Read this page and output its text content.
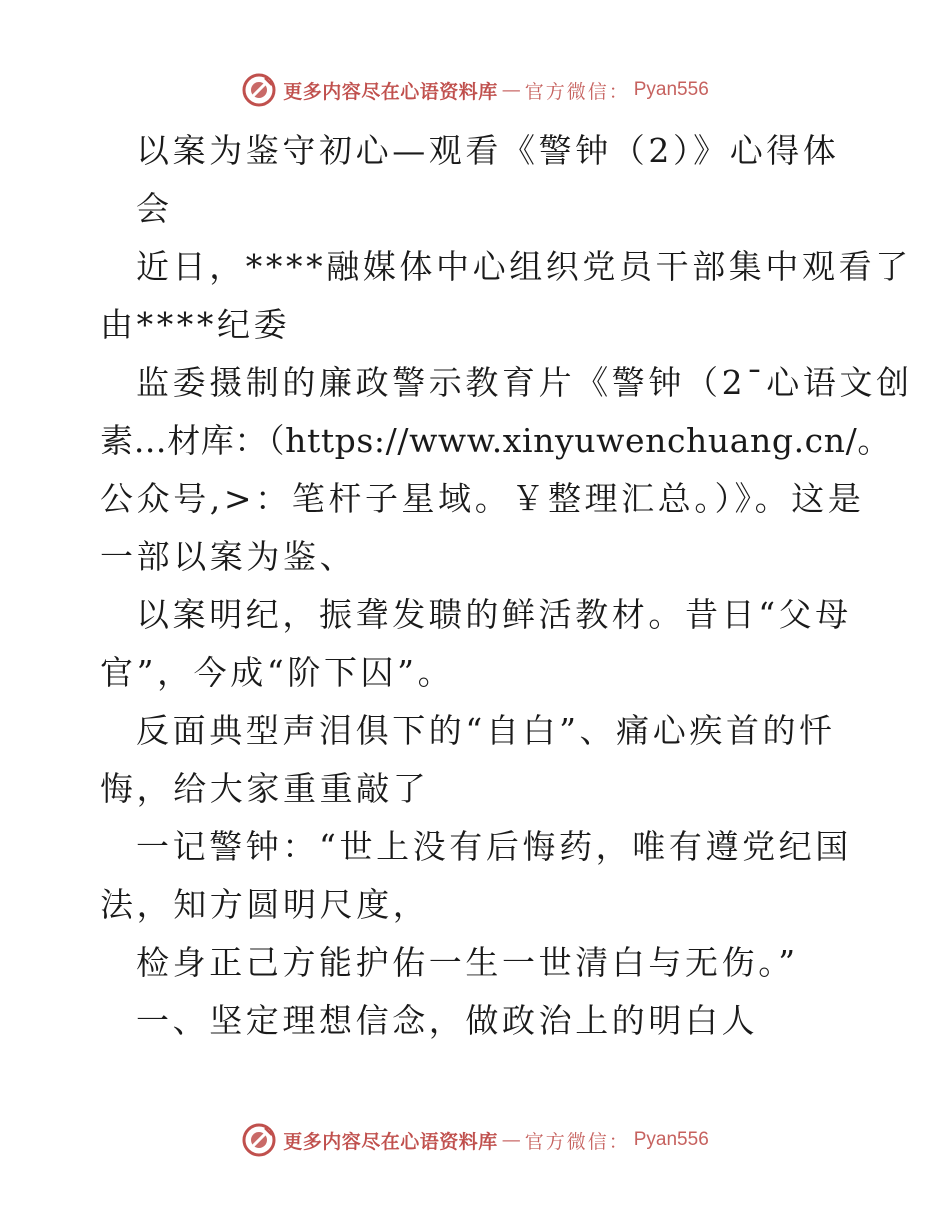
更多内容尽在心语资料库 — 官方微信： Pyan556
以案为鉴守初心—观看《警钟（2）》心得体
会
近日，****融媒体中心组织党员干部集中观看了
由****纪委
监委摄制的廉政警示教育片《警钟（2¯心语文创
素…材库：（https://www.xinyuwenchuang.cn/。
公众号,>：笔杆子星域。￥整理汇总。）》。这是
一部以案为鉴、
以案明纪，振聋发聩的鲜活教材。昔日“父母
官”，今成“阶下囚”。
反面典型声泪俱下的“自白”、痛心疾首的忏
悔，给大家重重敲了
一记警钟：“世上没有后悔药，唯有遵党纪国
法，知方圆明尺度，
检身正己方能护佑一生一世清白与无伤。”
一、坚定理想信念，做政治上的明白人
更多内容尽在心语资料库 — 官方微信： Pyan556
